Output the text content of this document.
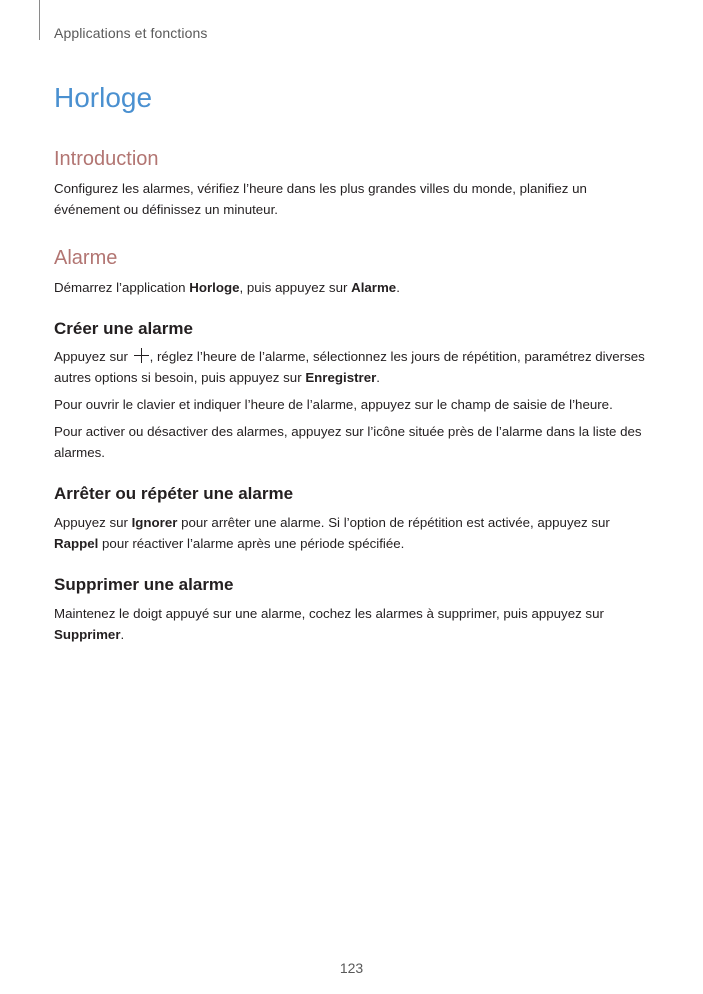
Applications et fonctions
Horloge
Introduction

Configurez les alarmes, vérifiez l’heure dans les plus grandes villes du monde, planifiez un événement ou définissez un minuteur.

Alarme

Démarrez l’application Horloge, puis appuyez sur Alarme.

Créer une alarme

Appuyez sur , réglez l’heure de l’alarme, sélectionnez les jours de répétition, paramétrez diverses autres options si besoin, puis appuyez sur Enregistrer.

Pour ouvrir le clavier et indiquer l’heure de l’alarme, appuyez sur le champ de saisie de l’heure.

Pour activer ou désactiver des alarmes, appuyez sur l’icône située près de l’alarme dans la liste des alarmes.

Arrêter ou répéter une alarme

Appuyez sur Ignorer pour arrêter une alarme. Si l’option de répétition est activée, appuyez sur Rappel pour réactiver l’alarme après une période spécifiée.

Supprimer une alarme

Maintenez le doigt appuyé sur une alarme, cochez les alarmes à supprimer, puis appuyez sur Supprimer.

123
